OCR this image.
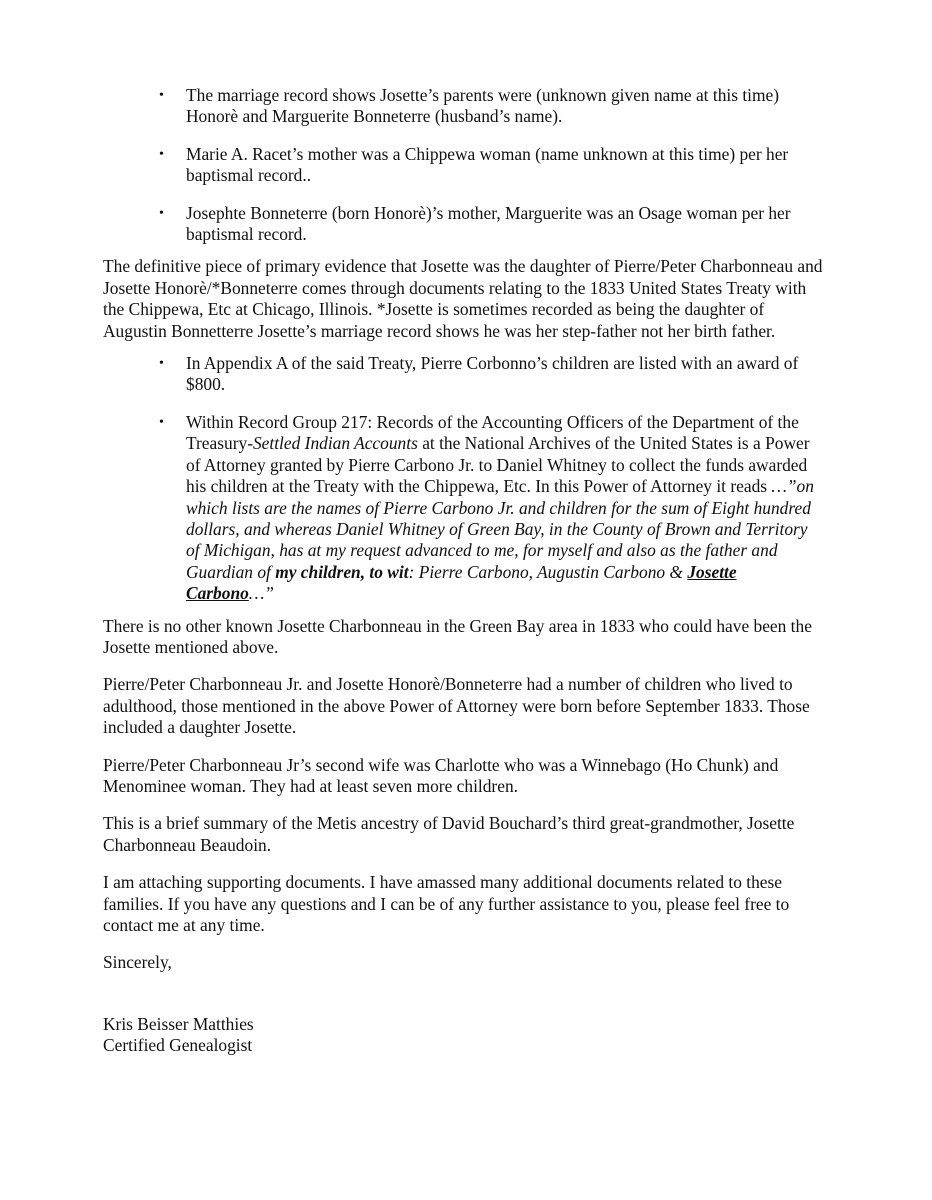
• The marriage record shows Josette’s parents were (unknown given name at this time) Honorè and Marguerite Bonneterre (husband’s name).
• Marie A. Racet’s mother was a Chippewa woman (name unknown at this time) per her baptismal record..
• Josephte Bonneterre (born Honorè)’s mother, Marguerite was an Osage woman per her baptismal record.

The definitive piece of primary evidence that Josette was the daughter of Pierre/Peter Charbonneau and Josette Honorè/*Bonneterre comes through documents relating to the 1833 United States Treaty with the Chippewa, Etc at Chicago, Illinois. *Josette is sometimes recorded as being the daughter of Augustin Bonnetterre Josette’s marriage record shows he was her step-father not her birth father.

• In Appendix A of the said Treaty, Pierre Corbonno’s children are listed with an award of $800.
• Within Record Group 217: Records of the Accounting Officers of the Department of the Treasury-Settled Indian Accounts at the National Archives of the United States is a Power of Attorney granted by Pierre Carbono Jr. to Daniel Whitney to collect the funds awarded his children at the Treaty with the Chippewa, Etc. In this Power of Attorney it reads …”on which lists are the names of Pierre Carbono Jr. and children for the sum of Eight hundred dollars, and whereas Daniel Whitney of Green Bay, in the County of Brown and Territory of Michigan, has at my request advanced to me, for myself and also as the father and Guardian of my children, to wit: Pierre Carbono, Augustin Carbono & Josette Carbono…”

There is no other known Josette Charbonneau in the Green Bay area in 1833 who could have been the Josette mentioned above.

Pierre/Peter Charbonneau Jr. and Josette Honorè/Bonneterre had a number of children who lived to adulthood, those mentioned in the above Power of Attorney were born before September 1833. Those included a daughter Josette.

Pierre/Peter Charbonneau Jr’s second wife was Charlotte who was a Winnebago (Ho Chunk) and Menominee woman. They had at least seven more children.

This is a brief summary of the Metis ancestry of David Bouchard’s third great-grandmother, Josette Charbonneau Beaudoin.

I am attaching supporting documents. I have amassed many additional documents related to these families. If you have any questions and I can be of any further assistance to you, please feel free to contact me at any time.

Sincerely,

Kris Beisser Matthies
Certified Genealogist
